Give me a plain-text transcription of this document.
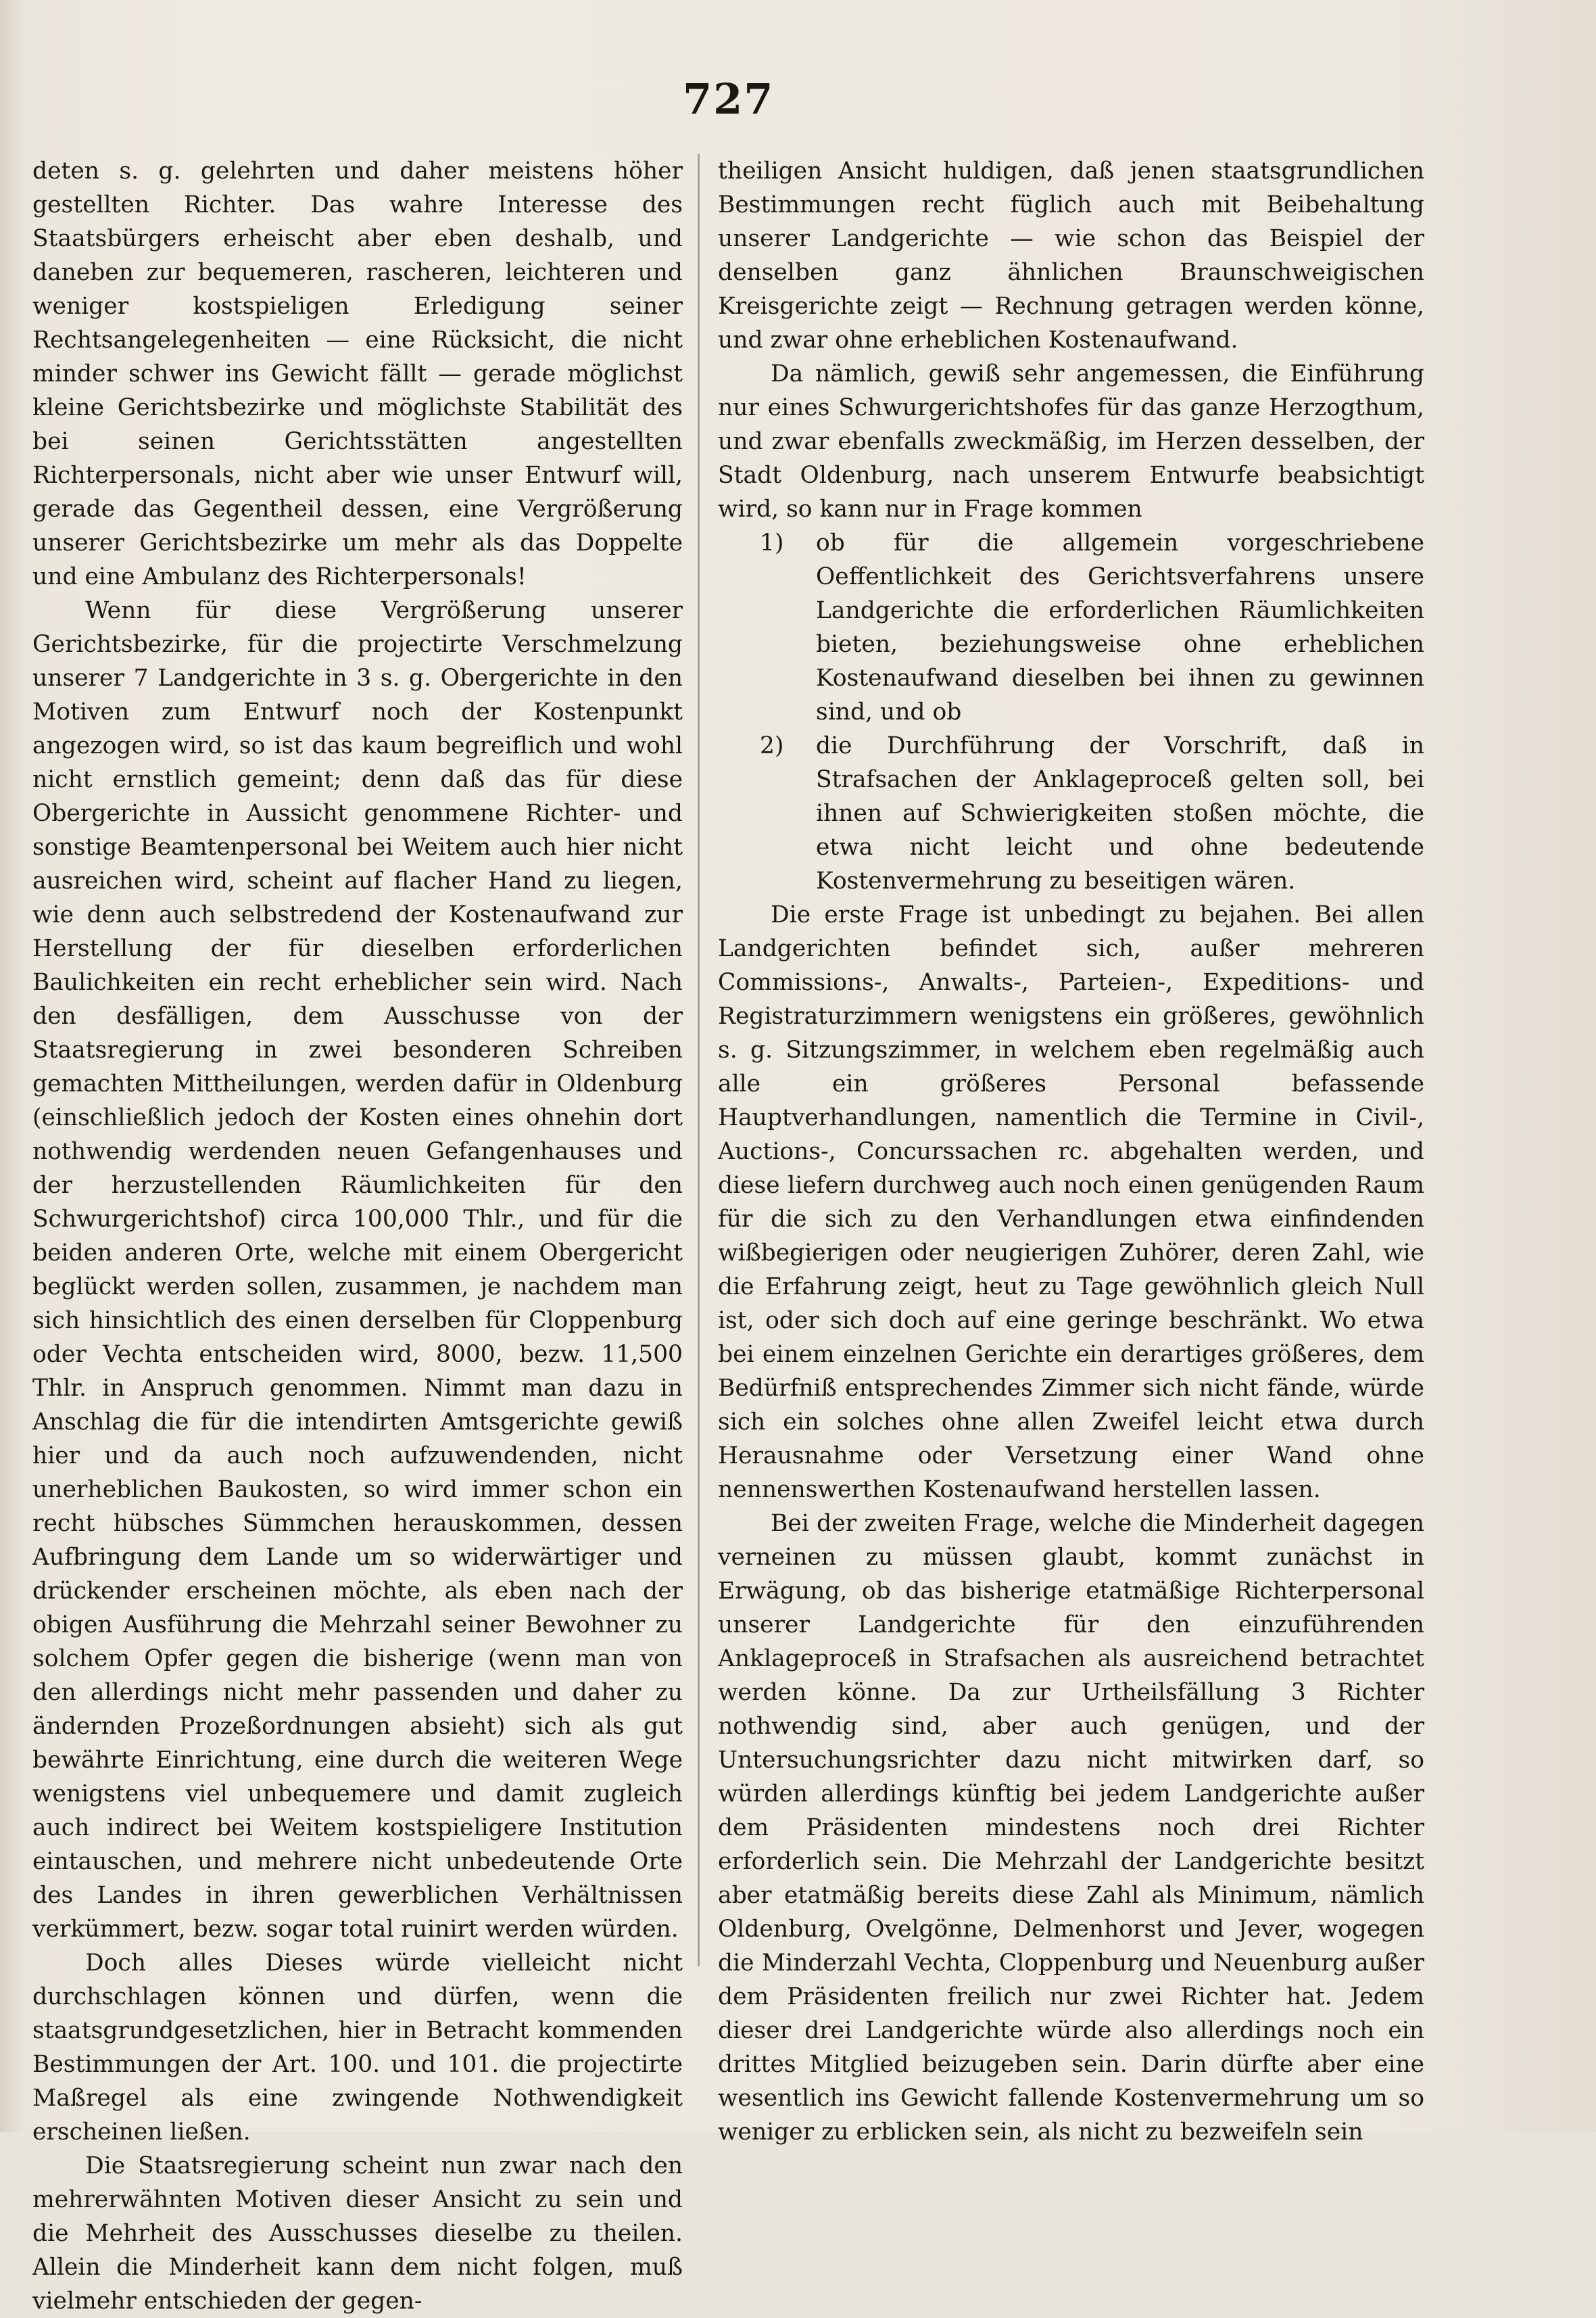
727

deten s. g. gelehrten und daher meistens höher gestellten Richter. Das wahre Interesse des Staatsbürgers erheischt aber eben deshalb, und daneben zur bequemeren, rascheren, leichteren und weniger kostspieligen Erledigung seiner Rechtsangelegenheiten — eine Rücksicht, die nicht minder schwer ins Gewicht fällt — gerade möglichst kleine Gerichtsbezirke und möglichste Stabilität des bei seinen Gerichtsstätten angestellten Richterpersonals, nicht aber wie unser Entwurf will, gerade das Gegentheil dessen, eine Vergrößerung unserer Gerichtsbezirke um mehr als das Doppelte und eine Ambulanz des Richterpersonals!

Wenn für diese Vergrößerung unserer Gerichtsbezirke, für die projectirte Verschmelzung unserer 7 Landgerichte in 3 s. g. Obergerichte in den Motiven zum Entwurf noch der Kostenpunkt angezogen wird, so ist das kaum begreiflich und wohl nicht ernstlich gemeint; denn daß das für diese Obergerichte in Aussicht genommene Richter- und sonstige Beamtenpersonal bei Weitem auch hier nicht ausreichen wird, scheint auf flacher Hand zu liegen, wie denn auch selbstredend der Kostenaufwand zur Herstellung der für dieselben erforderlichen Baulichkeiten ein recht erheblicher sein wird. Nach den desfälligen, dem Ausschusse von der Staatsregierung in zwei besonderen Schreiben gemachten Mittheilungen, werden dafür in Oldenburg (einschließlich jedoch der Kosten eines ohnehin dort nothwendig werdenden neuen Gefangenhauses und der herzustellenden Räumlichkeiten für den Schwurgerichtshof) circa 100,000 Thlr., und für die beiden anderen Orte, welche mit einem Obergericht beglückt werden sollen, zusammen, je nachdem man sich hinsichtlich des einen derselben für Cloppenburg oder Vechta entscheiden wird, 8000, bezw. 11,500 Thlr. in Anspruch genommen. Nimmt man dazu in Anschlag die für die intendirten Amtsgerichte gewiß hier und da auch noch aufzuwendenden, nicht unerheblichen Baukosten, so wird immer schon ein recht hübsches Sümmchen herauskommen, dessen Aufbringung dem Lande um so widerwärtiger und drückender erscheinen möchte, als eben nach der obigen Ausführung die Mehrzahl seiner Bewohner zu solchem Opfer gegen die bisherige (wenn man von den allerdings nicht mehr passenden und daher zu ändernden Prozeßordnungen absieht) sich als gut bewährte Einrichtung, eine durch die weiteren Wege wenigstens viel unbequemere und damit zugleich auch indirect bei Weitem kostspieligere Institution eintauschen, und mehrere nicht unbedeutende Orte des Landes in ihren gewerblichen Verhältnissen verkümmert, bezw. sogar total ruinirt werden würden.

Doch alles Dieses würde vielleicht nicht durchschlagen können und dürfen, wenn die staatsgrundgesetzlichen, hier in Betracht kommenden Bestimmungen der Art. 100. und 101. die projectirte Maßregel als eine zwingende Nothwendigkeit erscheinen ließen.

Die Staatsregierung scheint nun zwar nach den mehrerwähnten Motiven dieser Ansicht zu sein und die Mehrheit des Ausschusses dieselbe zu theilen. Allein die Minderheit kann dem nicht folgen, muß vielmehr entschieden der gegen-

theiligen Ansicht huldigen, daß jenen staatsgrundlichen Bestimmungen recht füglich auch mit Beibehaltung unserer Landgerichte — wie schon das Beispiel der denselben ganz ähnlichen Braunschweigischen Kreisgerichte zeigt — Rechnung getragen werden könne, und zwar ohne erheblichen Kostenaufwand.

Da nämlich, gewiß sehr angemessen, die Einführung nur eines Schwurgerichtshofes für das ganze Herzogthum, und zwar ebenfalls zweckmäßig, im Herzen desselben, der Stadt Oldenburg, nach unserem Entwurfe beabsichtigt wird, so kann nur in Frage kommen

1) ob für die allgemein vorgeschriebene Oeffentlichkeit des Gerichtsverfahrens unsere Landgerichte die erforderlichen Räumlichkeiten bieten, beziehungsweise ohne erheblichen Kostenaufwand dieselben bei ihnen zu gewinnen sind, und ob
2) die Durchführung der Vorschrift, daß in Strafsachen der Anklageproceß gelten soll, bei ihnen auf Schwierigkeiten stoßen möchte, die etwa nicht leicht und ohne bedeutende Kostenvermehrung zu beseitigen wären.

Die erste Frage ist unbedingt zu bejahen. Bei allen Landgerichten befindet sich, außer mehreren Commissions-, Anwalts-, Parteien-, Expeditions- und Registraturzimmern wenigstens ein größeres, gewöhnlich s. g. Sitzungszimmer, in welchem eben regelmäßig auch alle ein größeres Personal befassende Hauptverhandlungen, namentlich die Termine in Civil-, Auctions-, Concurssachen rc. abgehalten werden, und diese liefern durchweg auch noch einen genügenden Raum für die sich zu den Verhandlungen etwa einfindenden wißbegierigen oder neugierigen Zuhörer, deren Zahl, wie die Erfahrung zeigt, heut zu Tage gewöhnlich gleich Null ist, oder sich doch auf eine geringe beschränkt. Wo etwa bei einem einzelnen Gerichte ein derartiges größeres, dem Bedürfniß entsprechendes Zimmer sich nicht fände, würde sich ein solches ohne allen Zweifel leicht etwa durch Herausnahme oder Versetzung einer Wand ohne nennenswerthen Kostenaufwand herstellen lassen.

Bei der zweiten Frage, welche die Minderheit dagegen verneinen zu müssen glaubt, kommt zunächst in Erwägung, ob das bisherige etatmäßige Richterpersonal unserer Landgerichte für den einzuführenden Anklageproceß in Strafsachen als ausreichend betrachtet werden könne. Da zur Urtheilsfällung 3 Richter nothwendig sind, aber auch genügen, und der Untersuchungsrichter dazu nicht mitwirken darf, so würden allerdings künftig bei jedem Landgerichte außer dem Präsidenten mindestens noch drei Richter erforderlich sein. Die Mehrzahl der Landgerichte besitzt aber etatmäßig bereits diese Zahl als Minimum, nämlich Oldenburg, Ovelgönne, Delmenhorst und Jever, wogegen die Minderzahl Vechta, Cloppenburg und Neuenburg außer dem Präsidenten freilich nur zwei Richter hat. Jedem dieser drei Landgerichte würde also allerdings noch ein drittes Mitglied beizugeben sein. Darin dürfte aber eine wesentlich ins Gewicht fallende Kostenvermehrung um so weniger zu erblicken sein, als nicht zu bezweifeln sein
